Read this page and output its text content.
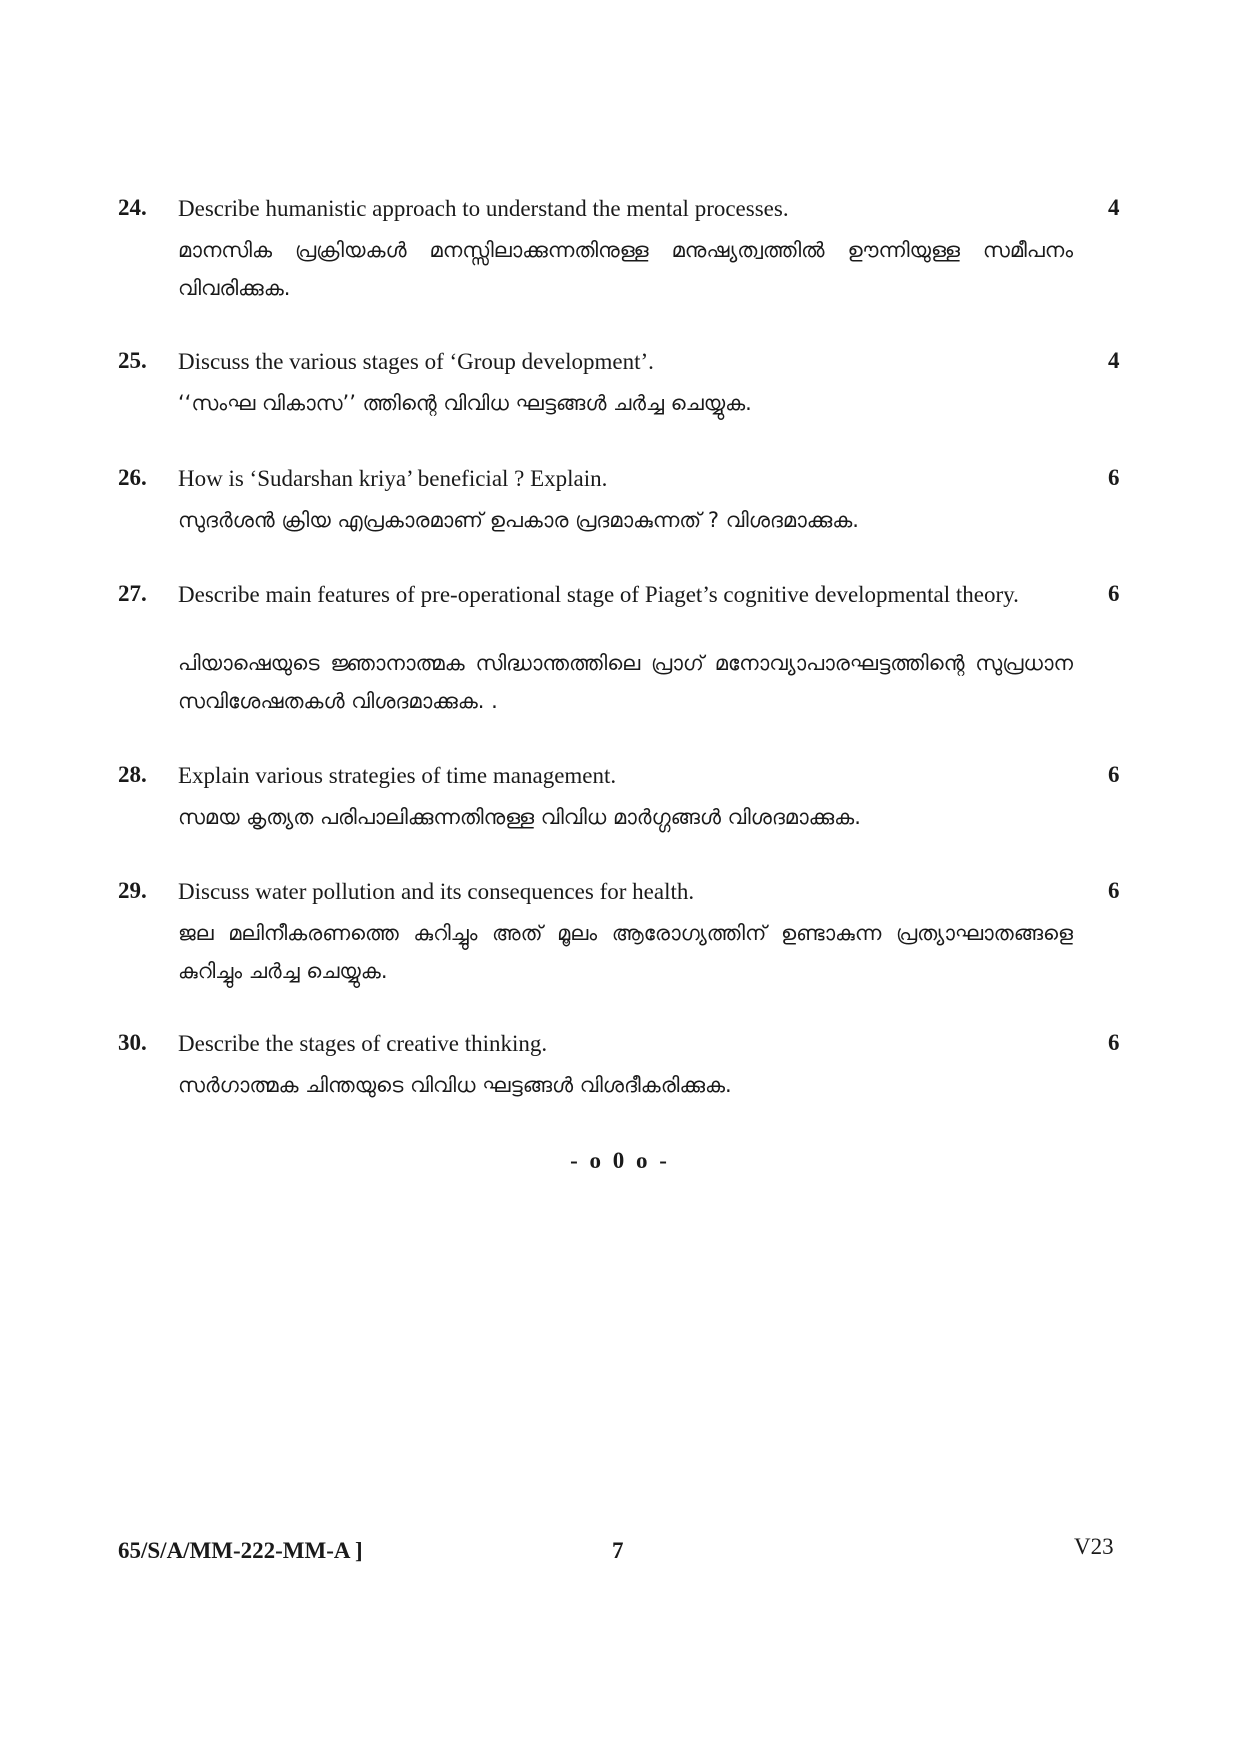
24. Describe humanistic approach to understand the mental processes.	4
മാനസിക പ്രക്രിയകൾ മനസ്സിലാക്കുന്നതിനുള്ള മനുഷ്യത്വത്തിൽ ഊന്നിയുള്ള സമീപനം വിവരിക്കുക.
25. Discuss the various stages of ‘Group development’.	4
‘‘സംഘ വികാസ’’ ത്തിന്റെ വിവിധ ഘട്ടങ്ങൾ ചർച്ച ചെയ്യുക.
26. How is ‘Sudarshan kriya’ beneficial ? Explain.	6
സുദർശൻ ക്രിയ എപ്രകാരമാണ് ഉപകാര പ്രദമാകുന്നത് ? വിശദമാക്കുക.
27. Describe main features of pre-operational stage of Piaget’s cognitive developmental theory.	6
പിയാഷെയുടെ ജ്ഞാനാത്മക സിദ്ധാന്തത്തിലെ പ്രാഗ് മനോവ്യാപാരഘട്ടത്തിന്റെ സുപ്രധാന സവിശേഷതകൾ വിശദമാക്കുക. .
28. Explain various strategies of time management.	6
സമയ കൃത്യത പരിപാലിക്കുന്നതിനുള്ള വിവിധ മാർഗ്ഗങ്ങൾ വിശദമാക്കുക.
29. Discuss water pollution and its consequences for health.	6
ജല മലിനീകരണത്തെ കുറിച്ചും അത് മൂലം ആരോഗ്യത്തിന് ഉണ്ടാകുന്ന പ്രത്യാഘാതങ്ങളെ കുറിച്ചും ചർച്ച ചെയ്യുക.
30. Describe the stages of creative thinking.	6
സർഗാത്മക ചിന്തയുടെ വിവിധ ഘട്ടങ്ങൾ വിശദീകരിക്കുക.
- o 0 o -
65/S/A/MM-222-MM-A ]	7	V23
